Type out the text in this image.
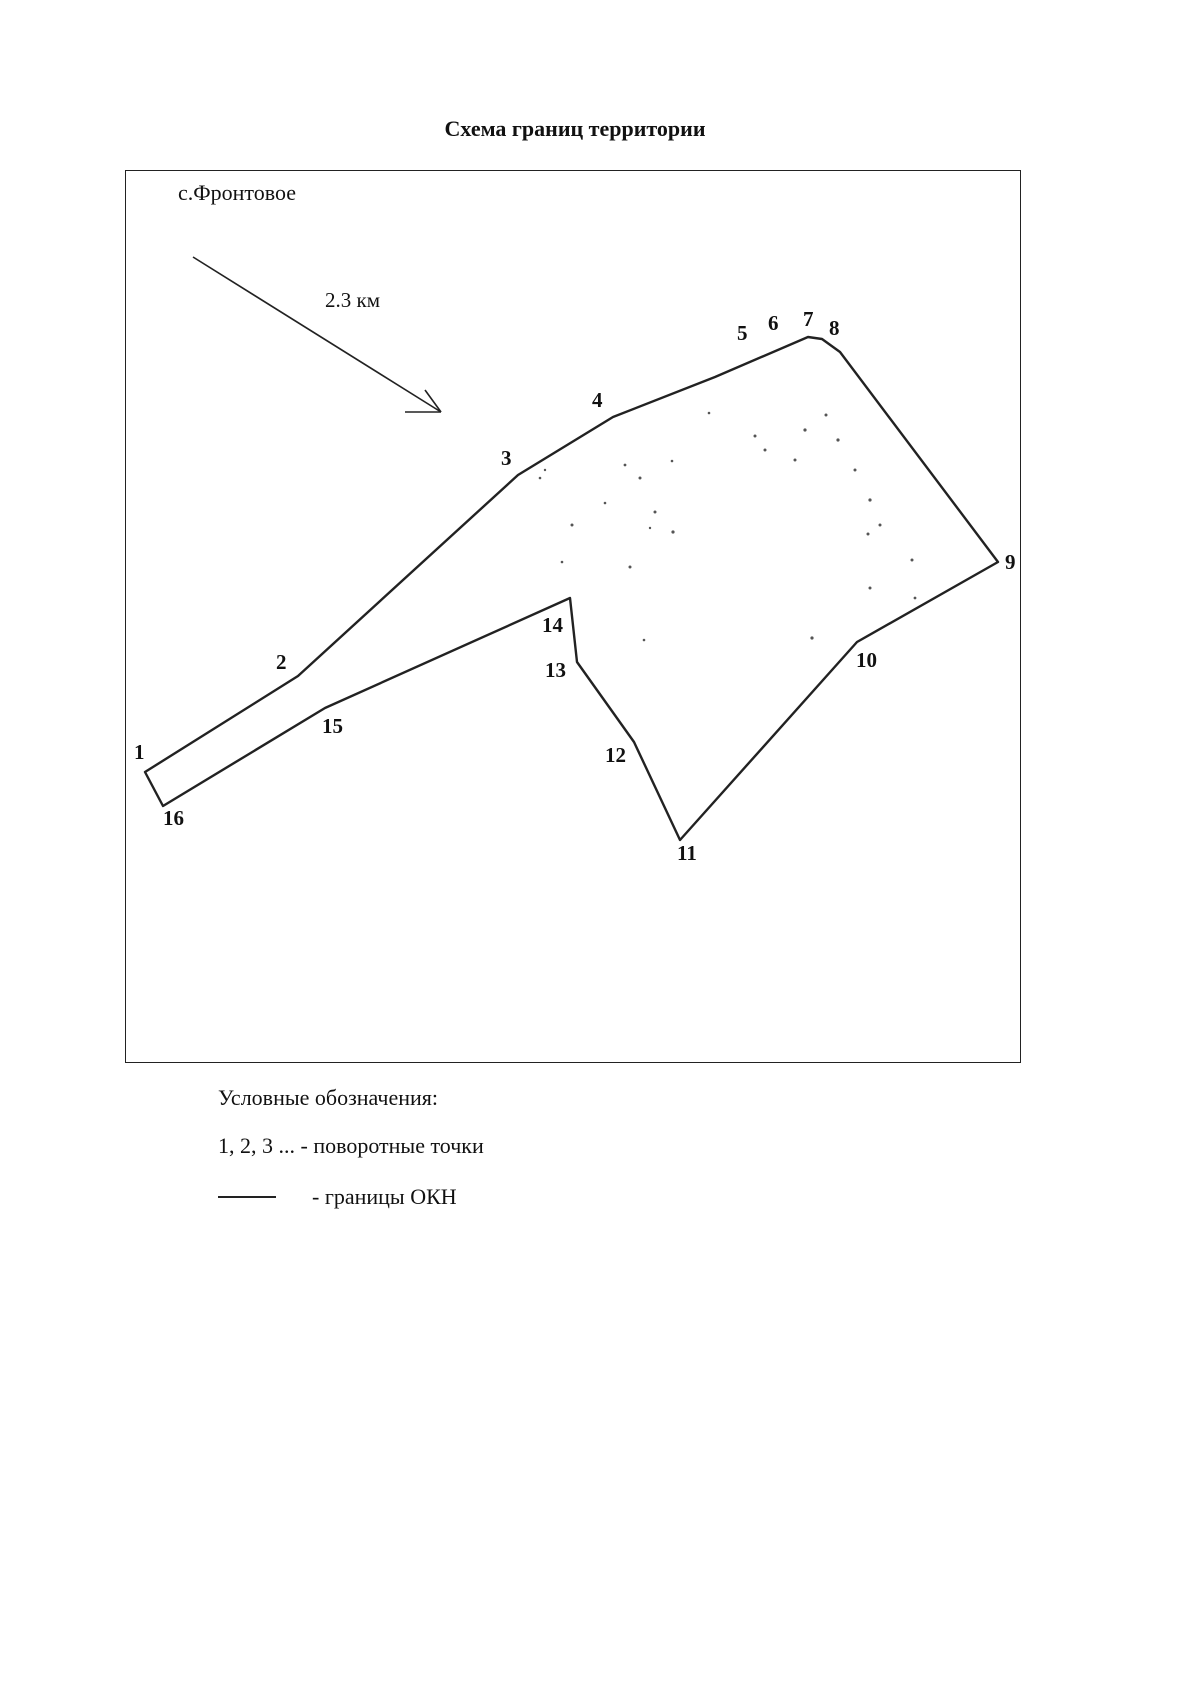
Схема границ территории
с.Фронтовое
2.3 км
1
2
3
4
5 6 7 8
9
10
11
12
13
14
15
16
Условные обозначения:
1, 2, 3 ... - поворотные точки
- границы ОКН
